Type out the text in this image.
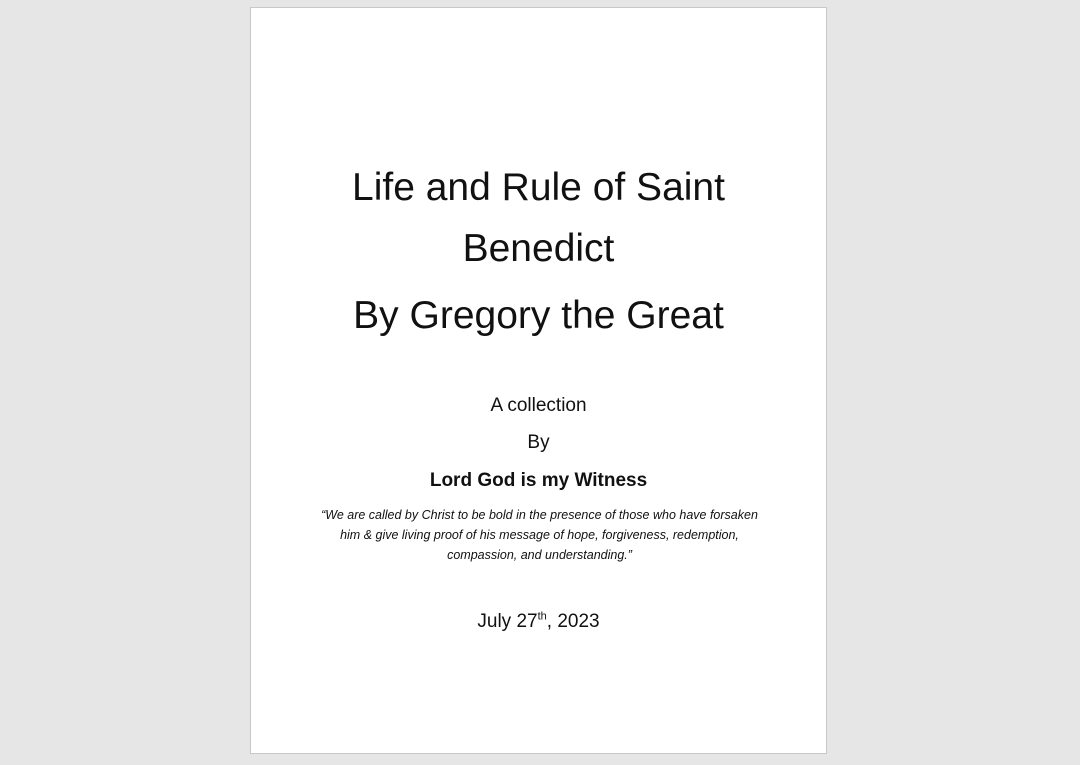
Life and Rule of Saint
Benedict
By Gregory the Great
A collection
By
Lord God is my Witness
“We are called by Christ to be bold in the presence of those who have forsaken him & give living proof of his message of hope, forgiveness, redemption, compassion, and understanding.”
July 27th, 2023
